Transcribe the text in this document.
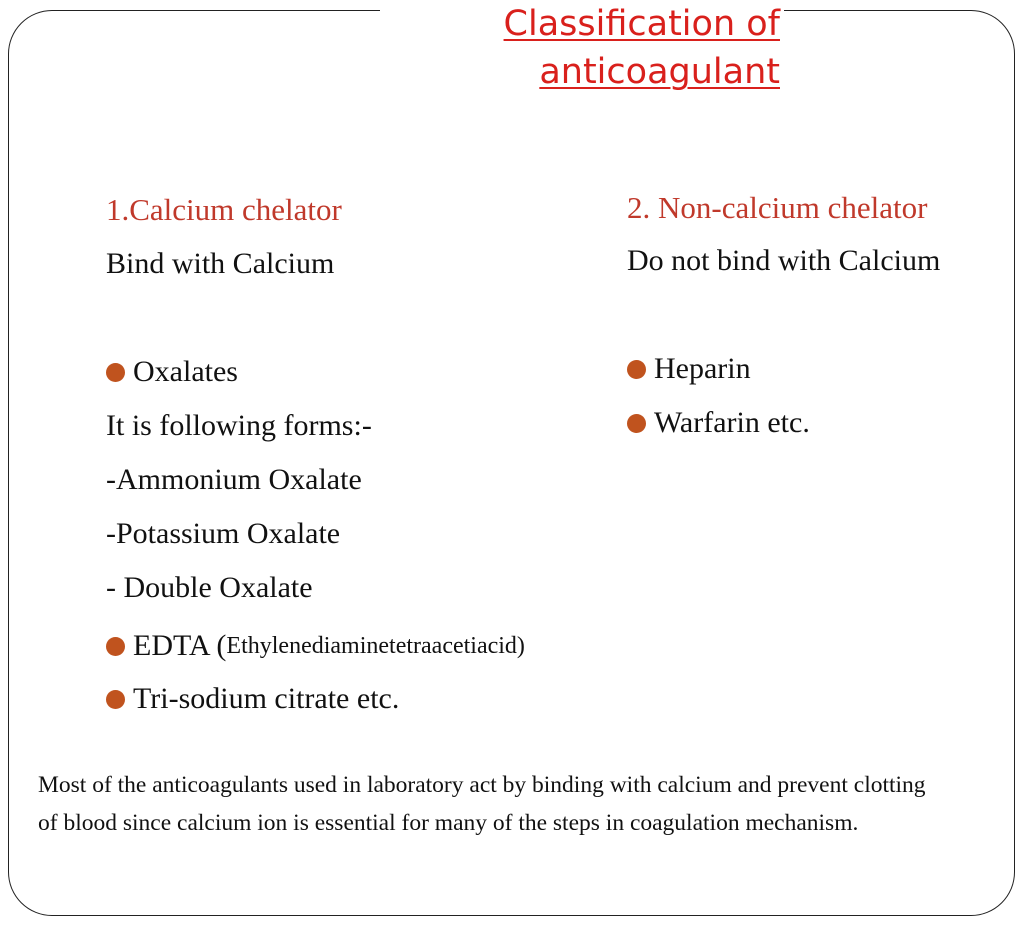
Classification of
anticoagulant
1.Calcium chelator
Bind with Calcium
Oxalates
It is following forms:-
-Ammonium Oxalate
-Potassium Oxalate
- Double Oxalate
EDTA ( Ethylenediaminetetraacetiacid)
Tri-sodium citrate etc.
2. Non-calcium chelator
Do not bind with Calcium
Heparin
Warfarin etc.
Most of the anticoagulants used in laboratory act by binding with calcium and prevent clotting of blood since calcium ion is essential for many of the steps in coagulation mechanism.
